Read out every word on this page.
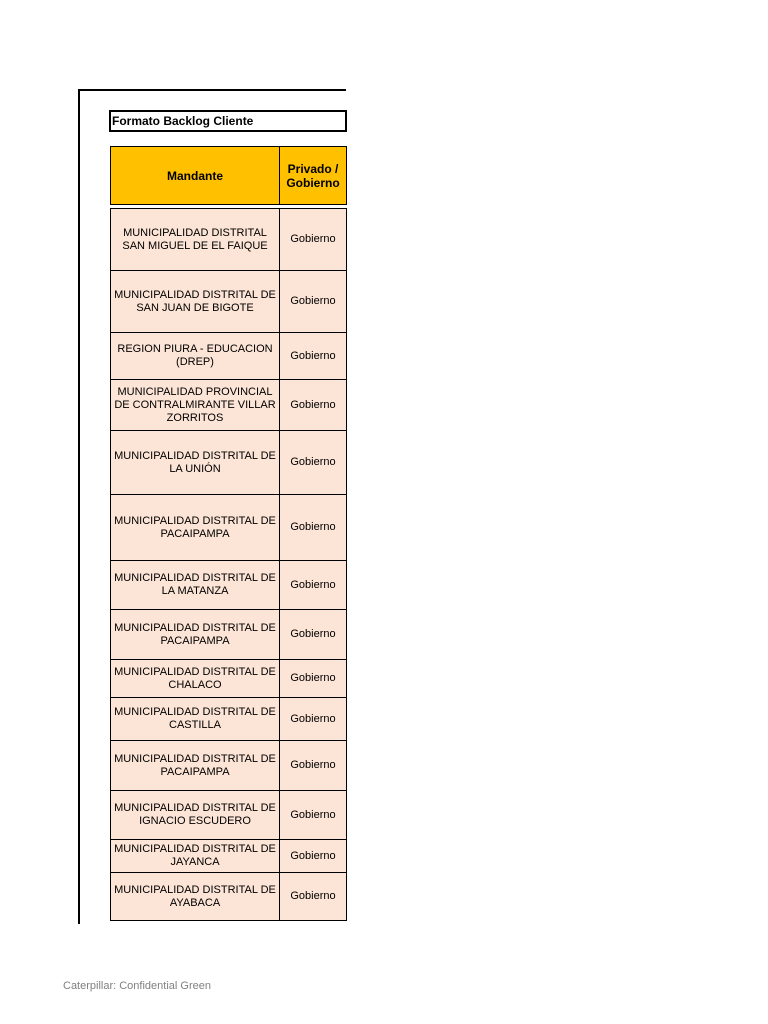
Formato Backlog Cliente
Mandante	Privado / Gobierno

MUNICIPALIDAD DISTRITAL SAN MIGUEL DE EL FAIQUE	Gobierno
MUNICIPALIDAD DISTRITAL DE SAN JUAN DE BIGOTE	Gobierno
REGION PIURA - EDUCACION (DREP)	Gobierno
MUNICIPALIDAD PROVINCIAL DE CONTRALMIRANTE VILLAR ZORRITOS	Gobierno
MUNICIPALIDAD DISTRITAL DE LA UNIÓN	Gobierno
MUNICIPALIDAD DISTRITAL DE PACAIPAMPA	Gobierno
MUNICIPALIDAD DISTRITAL DE LA MATANZA	Gobierno
MUNICIPALIDAD DISTRITAL DE PACAIPAMPA	Gobierno
MUNICIPALIDAD DISTRITAL DE CHALACO	Gobierno
MUNICIPALIDAD DISTRITAL DE CASTILLA	Gobierno
MUNICIPALIDAD DISTRITAL DE PACAIPAMPA	Gobierno
MUNICIPALIDAD DISTRITAL DE IGNACIO ESCUDERO	Gobierno
MUNICIPALIDAD DISTRITAL DE JAYANCA	Gobierno
MUNICIPALIDAD DISTRITAL DE AYABACA	Gobierno
Caterpillar: Confidential Green
